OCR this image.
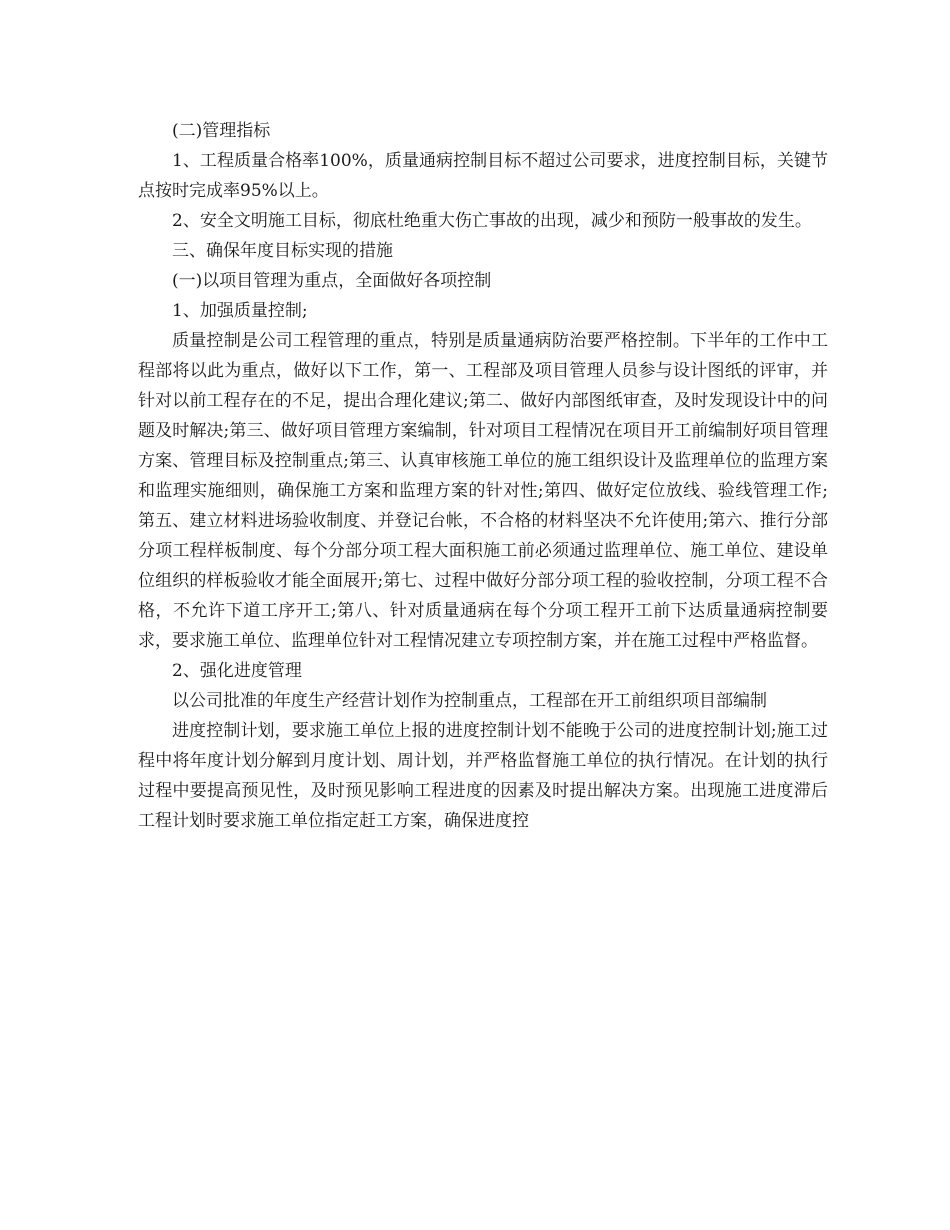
(二)管理指标

1、工程质量合格率100%，质量通病控制目标不超过公司要求，进度控制目标，关键节点按时完成率95%以上。

2、安全文明施工目标，彻底杜绝重大伤亡事故的出现，减少和预防一般事故的发生。

三、确保年度目标实现的措施

(一)以项目管理为重点，全面做好各项控制

1、加强质量控制;

质量控制是公司工程管理的重点，特别是质量通病防治要严格控制。下半年的工作中工程部将以此为重点，做好以下工作，第一、工程部及项目管理人员参与设计图纸的评审，并针对以前工程存在的不足，提出合理化建议;第二、做好内部图纸审查，及时发现设计中的问题及时解决;第三、做好项目管理方案编制，针对项目工程情况在项目开工前编制好项目管理方案、管理目标及控制重点;第三、认真审核施工单位的施工组织设计及监理单位的监理方案和监理实施细则，确保施工方案和监理方案的针对性;第四、做好定位放线、验线管理工作;第五、建立材料进场验收制度、并登记台帐，不合格的材料坚决不允许使用;第六、推行分部分项工程样板制度、每个分部分项工程大面积施工前必须通过监理单位、施工单位、建设单位组织的样板验收才能全面展开;第七、过程中做好分部分项工程的验收控制，分项工程不合格，不允许下道工序开工;第八、针对质量通病在每个分项工程开工前下达质量通病控制要求，要求施工单位、监理单位针对工程情况建立专项控制方案，并在施工过程中严格监督。

2、强化进度管理

以公司批准的年度生产经营计划作为控制重点，工程部在开工前组织项目部编制

进度控制计划，要求施工单位上报的进度控制计划不能晚于公司的进度控制计划;施工过程中将年度计划分解到月度计划、周计划，并严格监督施工单位的执行情况。在计划的执行过程中要提高预见性，及时预见影响工程进度的因素及时提出解决方案。出现施工进度滞后工程计划时要求施工单位指定赶工方案，确保进度控
